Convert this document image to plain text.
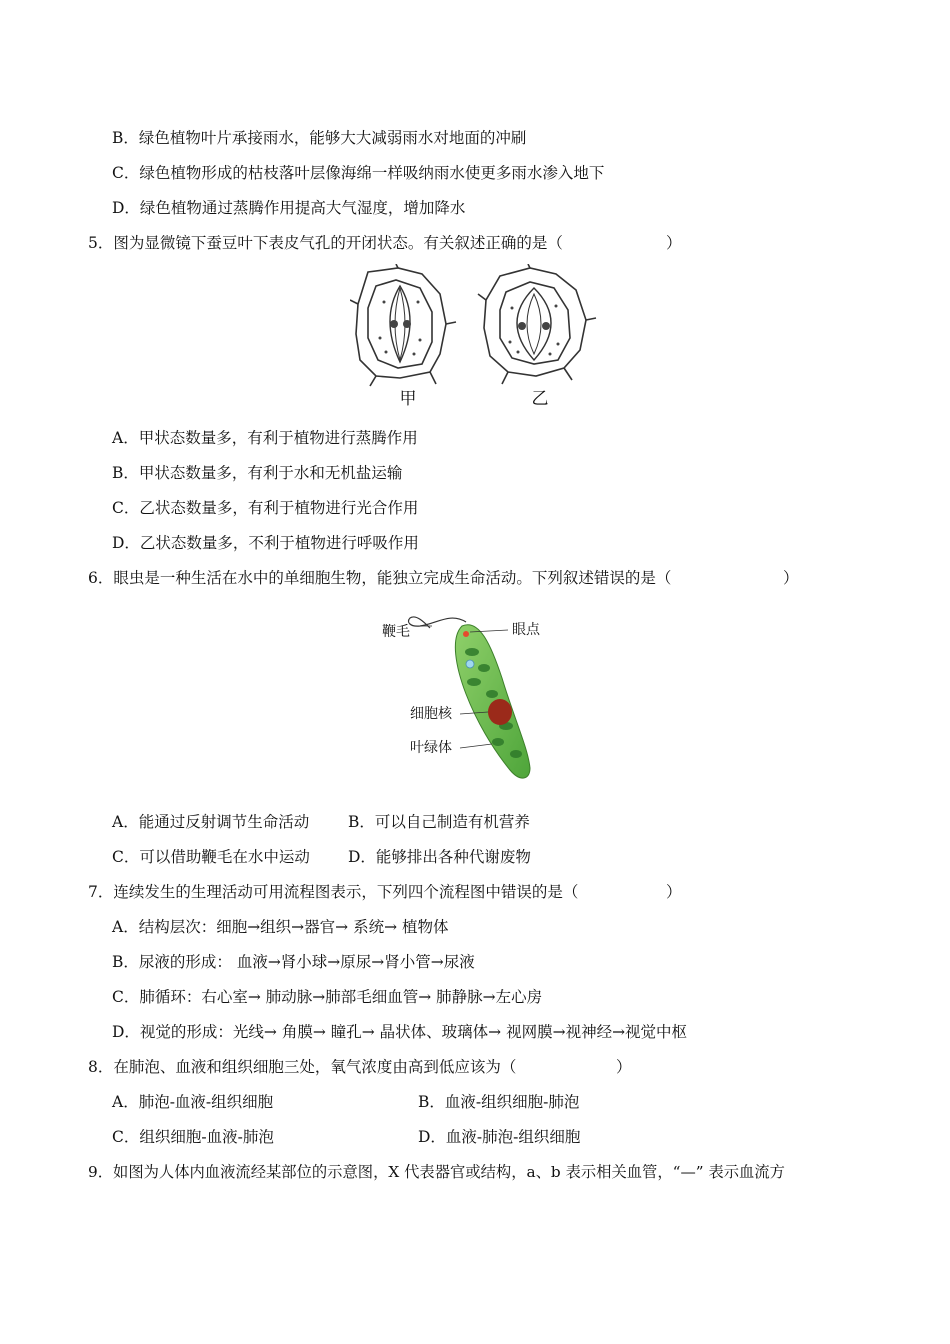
B．绿色植物叶片承接雨水，能够大大减弱雨水对地面的冲刷
C．绿色植物形成的枯枝落叶层像海绵一样吸纳雨水使更多雨水渗入地下
D．绿色植物通过蒸腾作用提高大气湿度，增加降水
5．图为显微镜下蚕豆叶下表皮气孔的开闭状态。有关叙述正确的是（	）
甲	乙
A．甲状态数量多，有利于植物进行蒸腾作用
B．甲状态数量多，有利于水和无机盐运输
C．乙状态数量多，有利于植物进行光合作用
D．乙状态数量多，不利于植物进行呼吸作用
6．眼虫是一种生活在水中的单细胞生物，能独立完成生命活动。下列叙述错误的是（	）
鞭毛	眼点
细胞核
叶绿体
A．能通过反射调节生命活动	B．可以自己制造有机营养
C．可以借助鞭毛在水中运动 D．能够排出各种代谢废物
7．连续发生的生理活动可用流程图表示，下列四个流程图中错误的是（	）
A．结构层次：细胞→组织→器官→ 系统→ 植物体
B．尿液的形成： 血液→肾小球→原尿→肾小管→尿液
C．肺循环：右心室→ 肺动脉→肺部毛细血管→ 肺静脉→左心房
D．视觉的形成：光线→ 角膜→ 瞳孔→ 晶状体、玻璃体→ 视网膜→视神经→视觉中枢
8．在肺泡、血液和组织细胞三处，氧气浓度由高到低应该为（	）
A．肺泡-血液-组织细胞	B．血液-组织细胞-肺泡
C．组织细胞-血液-肺泡	D．血液-肺泡-组织细胞
9．如图为人体内血液流经某部位的示意图，X 代表器官或结构，a、b 表示相关血管，“—” 表示血流方
